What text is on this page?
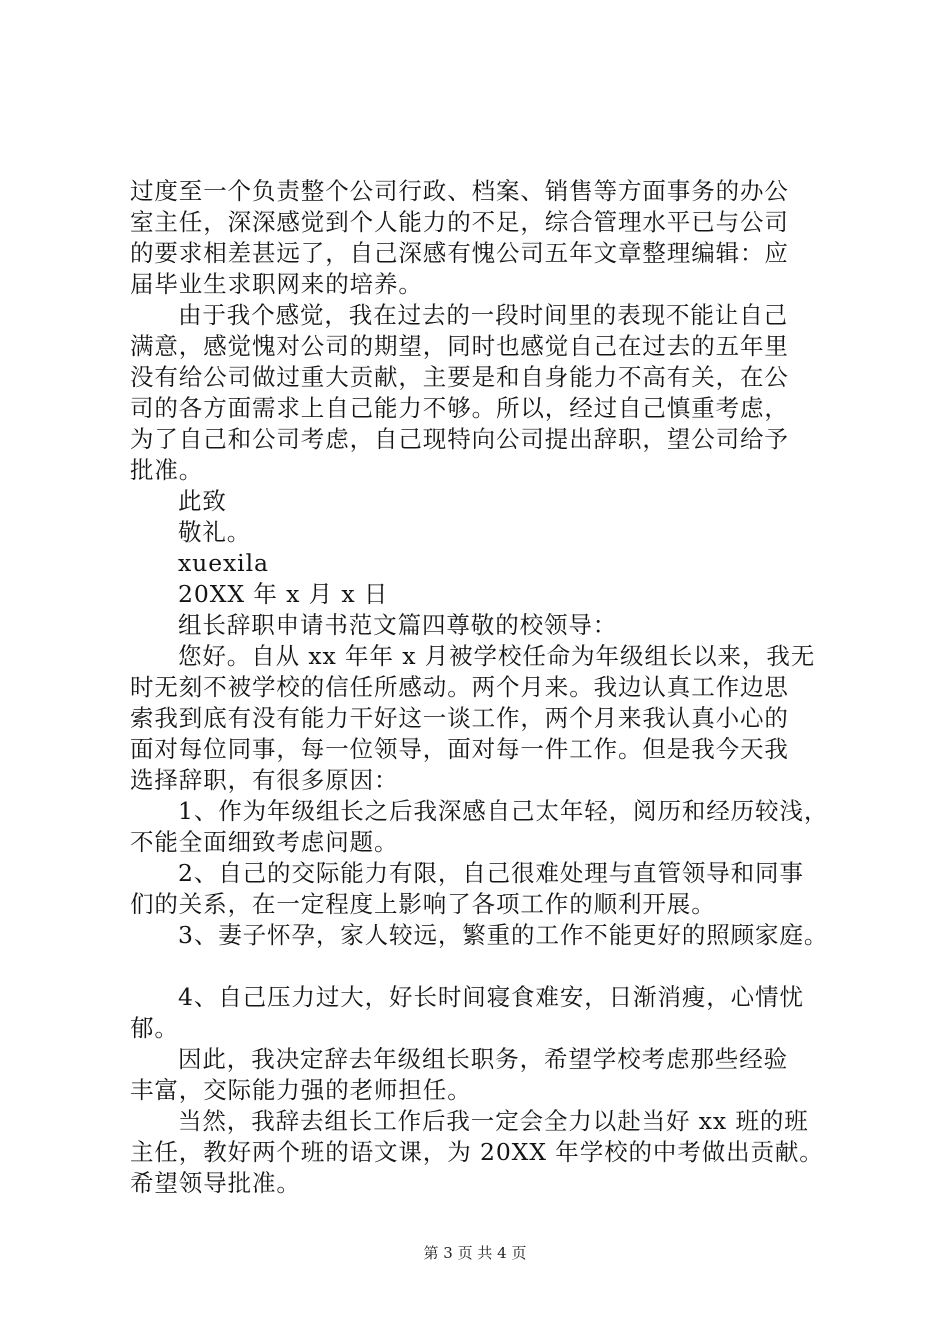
过度至一个负责整个公司行政、档案、销售等方面事务的办公
室主任，深深感觉到个人能力的不足，综合管理水平已与公司
的要求相差甚远了，自己深感有愧公司五年文章整理编辑：应
届毕业生求职网来的培养。
由于我个感觉，我在过去的一段时间里的表现不能让自己
满意，感觉愧对公司的期望，同时也感觉自己在过去的五年里
没有给公司做过重大贡献，主要是和自身能力不高有关，在公
司的各方面需求上自己能力不够。所以，经过自己慎重考虑，
为了自己和公司考虑，自己现特向公司提出辞职，望公司给予
批准。
此致
敬礼。
xuexila
20XX 年 x 月 x 日
组长辞职申请书范文篇四尊敬的校领导：
您好。自从 xx 年年 x 月被学校任命为年级组长以来，我无
时无刻不被学校的信任所感动。两个月来。我边认真工作边思
索我到底有没有能力干好这一谈工作，两个月来我认真小心的
面对每位同事，每一位领导，面对每一件工作。但是我今天我
选择辞职，有很多原因：
1、作为年级组长之后我深感自己太年轻，阅历和经历较浅，
不能全面细致考虑问题。
2、自己的交际能力有限，自己很难处理与直管领导和同事
们的关系，在一定程度上影响了各项工作的顺利开展。
3、妻子怀孕，家人较远，繁重的工作不能更好的照顾家庭。
4、自己压力过大，好长时间寝食难安，日渐消瘦，心情忧
郁。
因此，我决定辞去年级组长职务，希望学校考虑那些经验
丰富，交际能力强的老师担任。
当然，我辞去组长工作后我一定会全力以赴当好 xx 班的班
主任，教好两个班的语文课，为 20XX 年学校的中考做出贡献。
希望领导批准。
第 3 页 共 4 页
